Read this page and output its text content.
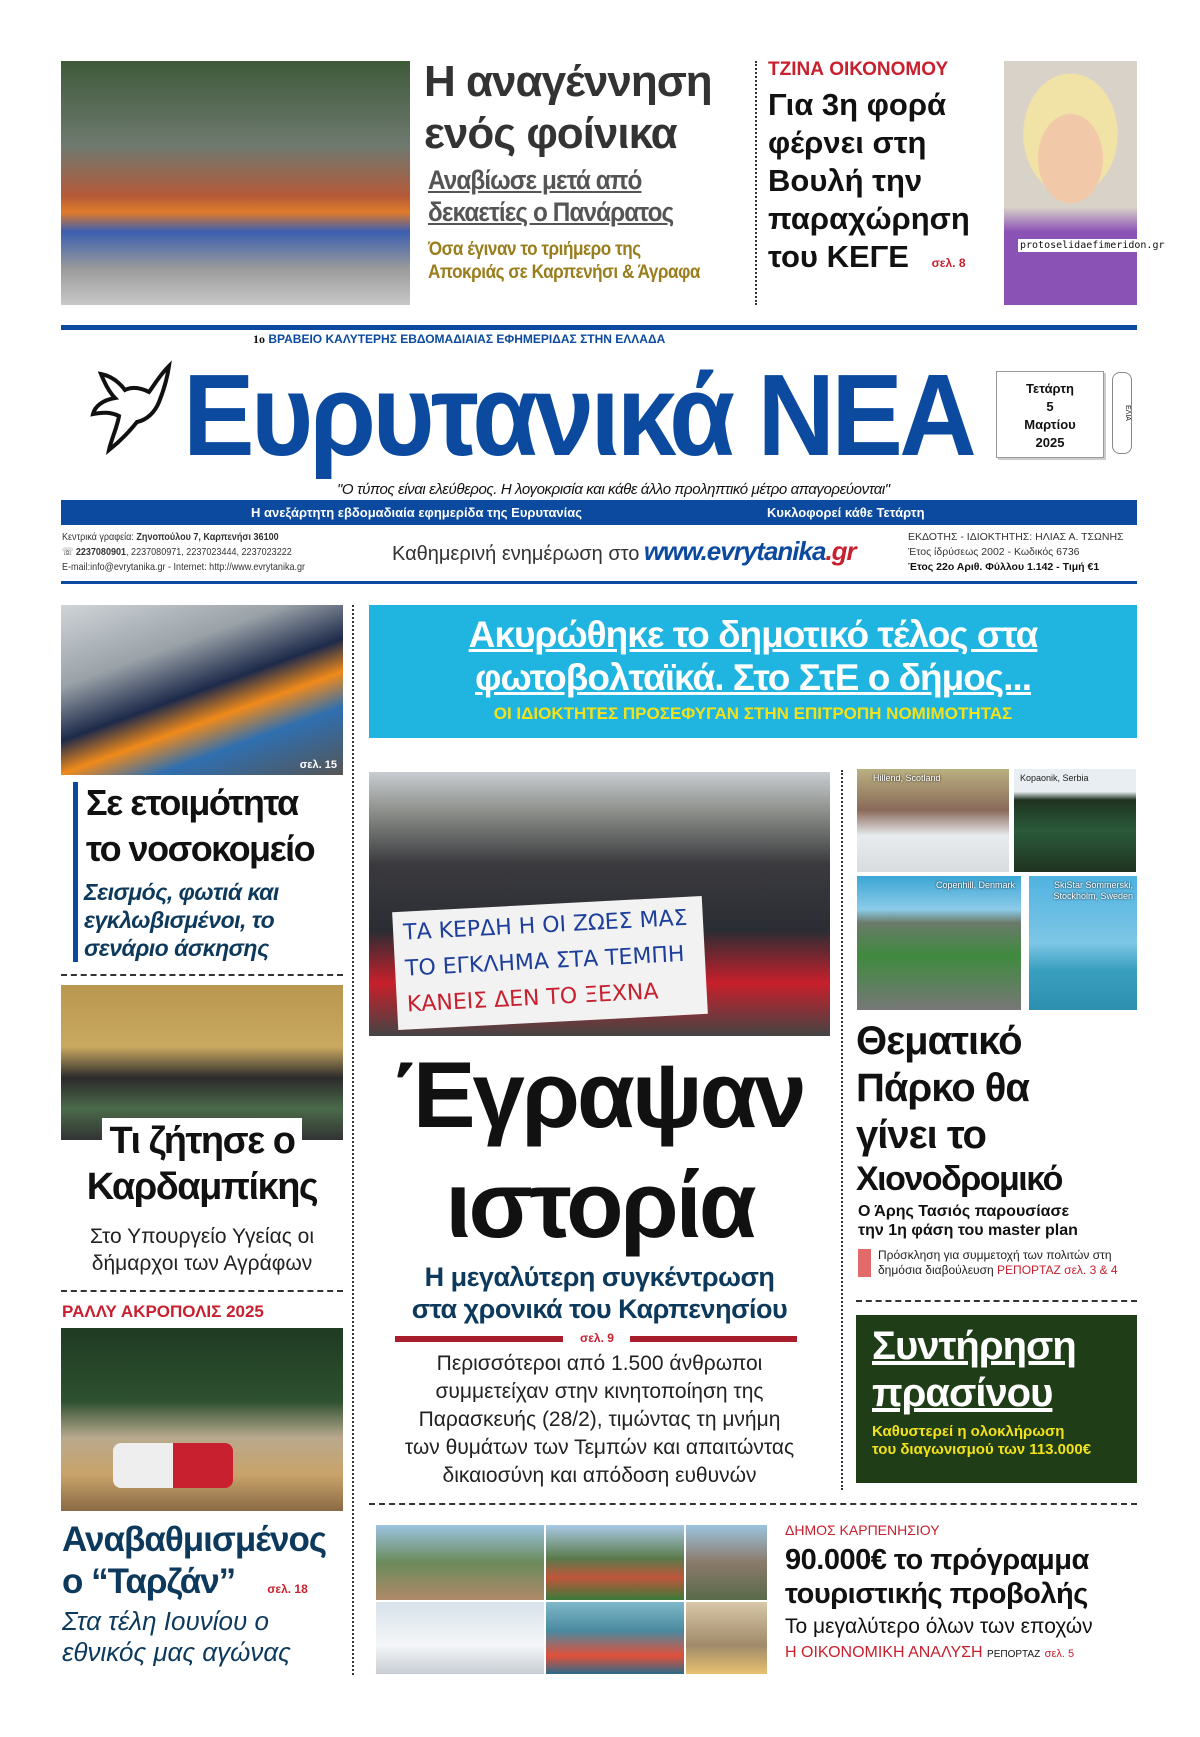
Η αναγέννηση
ενός φοίνικα
Αναβίωσε μετά από
δεκαετίες ο Πανάρατος
Όσα έγιναν το τριήμερο της
Αποκριάς σε Καρπενήσι & Άγραφα
ΤΖΙΝΑ ΟΙΚΟΝΟΜΟΥ
Για 3η φορά
φέρνει στη
Βουλή την
παραχώρηση
του ΚΕΓΕ σελ. 8
protoselidaefimeridon.gr
1ο ΒΡΑΒΕΙΟ ΚΑΛΥΤΕΡΗΣ ΕΒΔΟΜΑΔΙΑΙΑΣ ΕΦΗΜΕΡΙΔΑΣ ΣΤΗΝ ΕΛΛΑΔΑ
Ευρυτανικά ΝΕΑ
"Ο τύπος είναι ελεύθερος. Η λογοκρισία και κάθε άλλο προληπτικό μέτρο απαγορεύονται"
Τετάρτη
5
Μαρτίου
2025
ΕΛΙΑ
Η ανεξάρτητη εβδομαδιαία εφημερίδα της Ευρυτανίας	Κυκλοφορεί κάθε Τετάρτη
Κεντρικά γραφεία: Ζηνοπούλου 7, Καρπενήσι 36100
☏ 2237080901, 2237080971, 2237023444, 2237023222
E-mail:info@evrytanika.gr - Internet: http://www.evrytanika.gr
Καθημερινή ενημέρωση στο www.evrytanika.gr	ΕΚΔΟΤΗΣ - ΙΔΙΟΚΤΗΤΗΣ: ΗΛΙΑΣ Α. ΤΣΩΝΗΣ
Έτος ίδρύσεως 2002 - Κωδικός 6736
Έτος 22ο Αριθ. Φύλλου 1.142 - Τιμή €1
σελ. 15
Σε ετοιμότητα
το νοσοκομείο
Σεισμός, φωτιά και
εγκλωβισμένοι, το
σενάριο άσκησης
Τι ζήτησε ο
Καρδαμπίκης
Στο Υπουργείο Υγείας οι
δήμαρχοι των Αγράφων
ΡΑΛΛΥ ΑΚΡΟΠΟΛΙΣ 2025
Αναβαθμισμένος
ο “Ταρζάν”	σελ. 18
Στα τέλη Ιουνίου ο
εθνικός μας αγώνας
Ακυρώθηκε το δημοτικό τέλος στα
φωτοβολταϊκά. Στο ΣτΕ ο δήμος...
ΟΙ ΙΔΙΟΚΤΗΤΕΣ ΠΡΟΣΕΦΥΓΑΝ ΣΤΗΝ ΕΠΙΤΡΟΠΗ ΝΟΜΙΜΟΤΗΤΑΣ
ΤΑ ΚΕΡΔΗ Η ΟΙ ΖΩΕΣ ΜΑΣ
ΤΟ ΕΓΚΛΗΜΑ ΣΤΑ ΤΕΜΠΗ
ΚΑΝΕΙΣ ΔΕΝ ΤΟ ΞΕΧΝΑ
Έγραψαν
ιστορία
Η μεγαλύτερη συγκέντρωση
στα χρονικά του Καρπενησίου
σελ. 9
Περισσότεροι από 1.500 άνθρωποι
συμμετείχαν στην κινητοποίηση της
Παρασκευής (28/2), τιμώντας τη μνήμη
των θυμάτων των Τεμπών και απαιτώντας
δικαιοσύνη και απόδοση ευθυνών
Hillend, Scotland	Kopaonik, Serbia
Copenhill, Denmark	SkiStar Sommerski, Stockholm, Sweden
Θεματικό
Πάρκο θα
γίνει το
Χιονοδρομικό
Ο Άρης Τασιός παρουσίασε
την 1η φάση του master plan
Πρόσκληση για συμμετοχή των πολιτών στη
δημόσια διαβούλευση ΡΕΠΟΡΤΑΖ σελ. 3 & 4
Συντήρηση
πρασίνου
Καθυστερεί η ολοκλήρωση
του διαγωνισμού των 113.000€
ΔΗΜΟΣ ΚΑΡΠΕΝΗΣΙΟΥ
90.000€ το πρόγραμμα
τουριστικής προβολής
Το μεγαλύτερο όλων των εποχών
Η ΟΙΚΟΝΟΜΙΚΗ ΑΝΑΛΥΣΗ ΡΕΠΟΡΤΑΖ σελ. 5
